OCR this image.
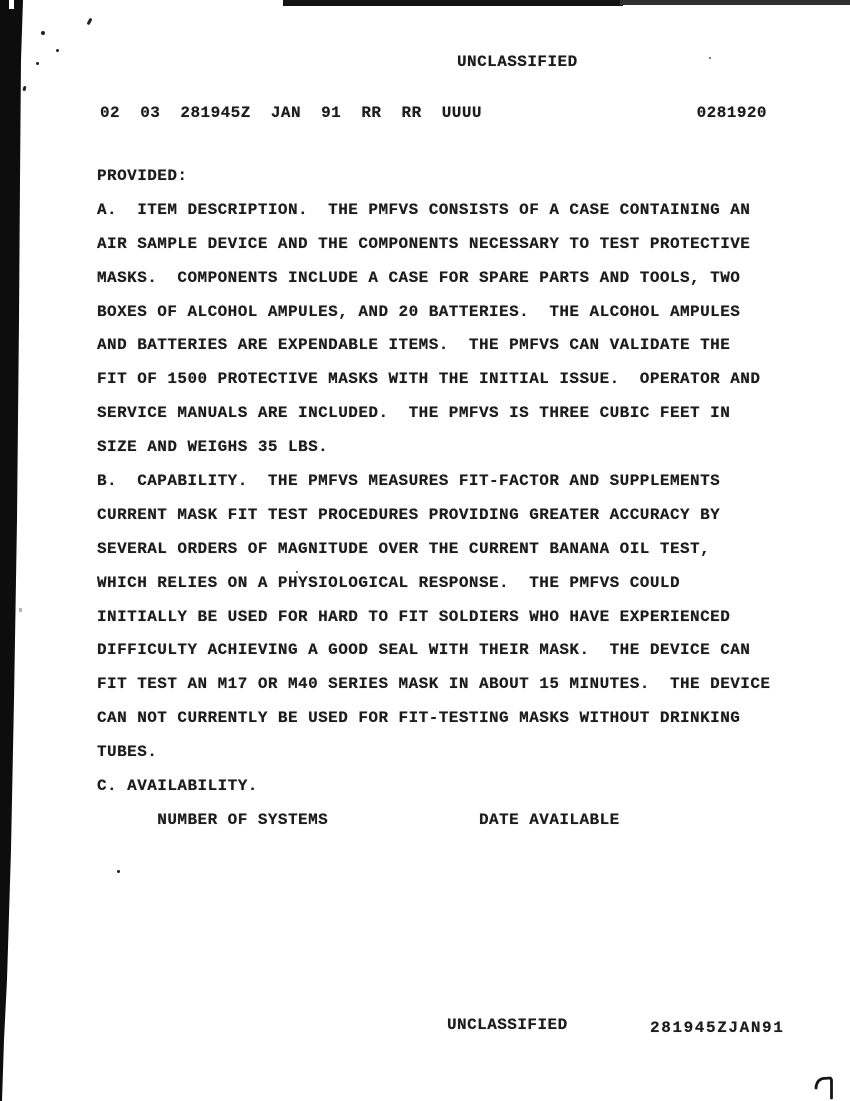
UNCLASSIFIED
02  03  281945Z  JAN  91  RR  RR  UUUU	0281920
PROVIDED:
A.  ITEM DESCRIPTION.  THE PMFVS CONSISTS OF A CASE CONTAINING AN
AIR SAMPLE DEVICE AND THE COMPONENTS NECESSARY TO TEST PROTECTIVE
MASKS.  COMPONENTS INCLUDE A CASE FOR SPARE PARTS AND TOOLS, TWO
BOXES OF ALCOHOL AMPULES, AND 20 BATTERIES.  THE ALCOHOL AMPULES
AND BATTERIES ARE EXPENDABLE ITEMS.  THE PMFVS CAN VALIDATE THE
FIT OF 1500 PROTECTIVE MASKS WITH THE INITIAL ISSUE.  OPERATOR AND
SERVICE MANUALS ARE INCLUDED.  THE PMFVS IS THREE CUBIC FEET IN
SIZE AND WEIGHS 35 LBS.
B.  CAPABILITY.  THE PMFVS MEASURES FIT-FACTOR AND SUPPLEMENTS
CURRENT MASK FIT TEST PROCEDURES PROVIDING GREATER ACCURACY BY
SEVERAL ORDERS OF MAGNITUDE OVER THE CURRENT BANANA OIL TEST,
WHICH RELIES ON A PHYSIOLOGICAL RESPONSE.  THE PMFVS COULD
INITIALLY BE USED FOR HARD TO FIT SOLDIERS WHO HAVE EXPERIENCED
DIFFICULTY ACHIEVING A GOOD SEAL WITH THEIR MASK.  THE DEVICE CAN
FIT TEST AN M17 OR M40 SERIES MASK IN ABOUT 15 MINUTES.  THE DEVICE
CAN NOT CURRENTLY BE USED FOR FIT-TESTING MASKS WITHOUT DRINKING
TUBES.
C. AVAILABILITY.
NUMBER OF SYSTEMS               DATE AVAILABLE
UNCLASSIFIED	281945ZJAN91
